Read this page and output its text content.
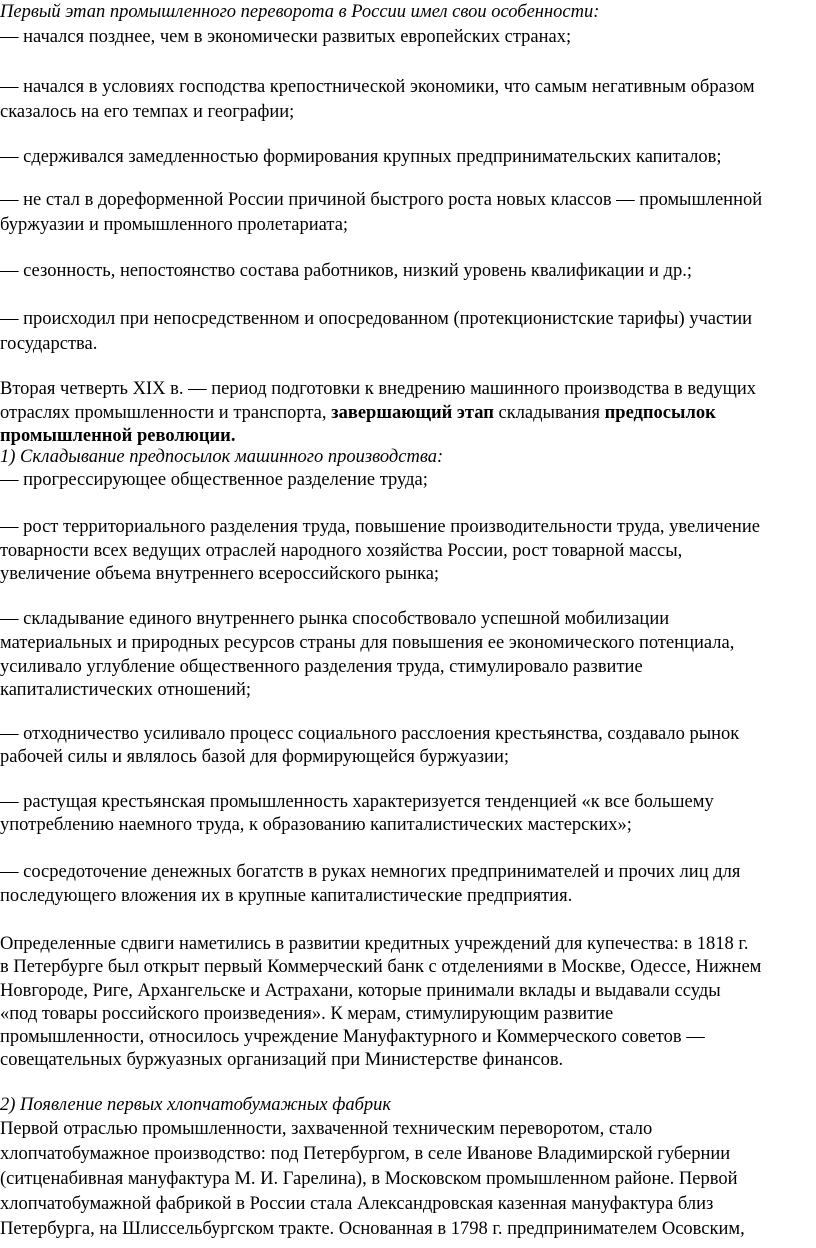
Первый этап промышленного переворота в России имел свои особенности:
— начался позднее, чем в экономически развитых европейских странах;
— начался в условиях господства крепостнической экономики, что самым негативным образом
сказалось на его темпах и географии;
— сдерживался замедленностью формирования крупных предпринимательских капиталов;
— не стал в дореформенной России причиной быстрого роста новых классов — промышленной
буржуазии и промышленного пролетариата;
— сезонность, непостоянство состава работников, низкий уровень квалификации и др.;
— происходил при непосредственном и опосредованном (протекционистские тарифы) участии
государства.
Вторая четверть XIX в. — период подготовки к внедрению машинного производства в ведущих
отраслях промышленности и транспорта, завершающий этап складывания предпосылок
промышленной революции.
1) Складывание предпосылок машинного производства:
— прогрессирующее общественное разделение труда;
— рост территориального разделения труда, повышение производительности труда, увеличение
товарности всех ведущих отраслей народного хозяйства России, рост товарной массы,
увеличение объема внутреннего всероссийского рынка;
— складывание единого внутреннего рынка способствовало успешной мобилизации
материальных и природных ресурсов страны для повышения ее экономического потенциала,
усиливало углубление общественного разделения труда, стимулировало развитие
капиталистических отношений;
— отходничество усиливало процесс социального расслоения крестьянства, создавало рынок
рабочей силы и являлось базой для формирующейся буржуазии;
— растущая крестьянская промышленность характеризуется тенденцией «к все большему
употреблению наемного труда, к образованию капиталистических мастерских»;
— сосредоточение денежных богатств в руках немногих предпринимателей и прочих лиц для
последующего вложения их в крупные капиталистические предприятия.
Определенные сдвиги наметились в развитии кредитных учреждений для купечества: в 1818 г.
в Петербурге был открыт первый Коммерческий банк с отделениями в Москве, Одессе, Нижнем
Новгороде, Риге, Архангельске и Астрахани, которые принимали вклады и выдавали ссуды
«под товары российского произведения». К мерам, стимулирующим развитие
промышленности, относилось учреждение Мануфактурного и Коммерческого советов —
совещательных буржуазных организаций при Министерстве финансов.
2) Появление первых хлопчатобумажных фабрик
Первой отраслью промышленности, захваченной техническим переворотом, стало
хлопчатобумажное производство: под Петербургом, в селе Иванове Владимирской губернии
(ситценабивная мануфактура М. И. Гарелина), в Московском промышленном районе. Первой
хлопчатобумажной фабрикой в России стала Александровская казенная мануфактура близ
Петербурга, на Шлиссельбургском тракте. Основанная в 1798 г. предпринимателем Осовским,
